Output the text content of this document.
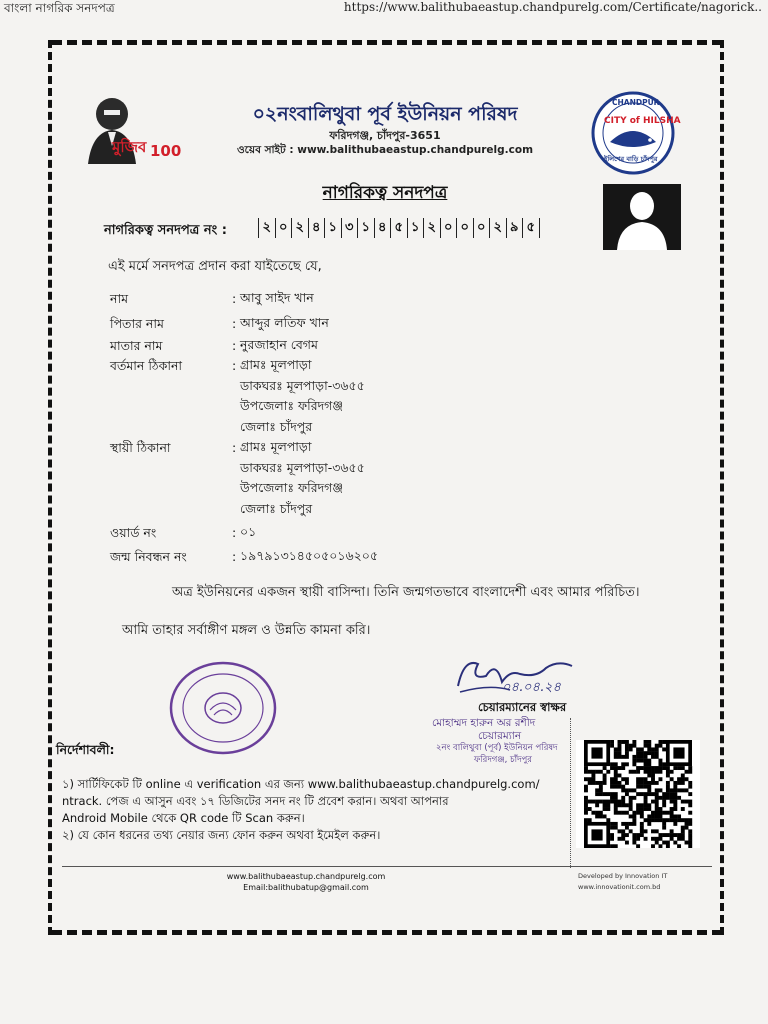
বাংলা নাগরিক সনদপত্র	https://www.balithubaeastup.chandpurelg.com/Certificate/nagorick..
মুজিব 100
০২নংবালিথুবা পূর্ব ইউনিয়ন পরিষদ
ফরিদগঞ্জ, চাঁদপুর-3651
ওয়েব সাইট : www.balithubaeastup.chandpurelg.com
CHANDPUR
CITY of HILSHA
ইলিশের বাড়ি চাঁদপুর
নাগরিকত্ব সনদপত্র
নাগরিকত্ব সনদপত্র নং :	২ ০ ২ ৪ ১ ৩ ১ ৪ ৫ ১ ২ ০ ০ ০ ২ ৯ ৫
এই মর্মে সনদপত্র প্রদান করা যাইতেছে যে,
নাম	: আবু সাইদ খান
পিতার নাম	: আব্দুর লতিফ খান
মাতার নাম	: নুরজাহান বেগম
বর্তমান ঠিকানা	: গ্রামঃ মূলপাড়া
ডাকঘরঃ মূলপাড়া-৩৬৫৫
উপজেলাঃ ফরিদগঞ্জ
জেলাঃ চাঁদপুর
স্থায়ী ঠিকানা	: গ্রামঃ মূলপাড়া
ডাকঘরঃ মূলপাড়া-৩৬৫৫
উপজেলাঃ ফরিদগঞ্জ
জেলাঃ চাঁদপুর
ওয়ার্ড নং	: ০১
জন্ম নিবন্ধন নং	: ১৯৭৯১৩১৪৫০৫০১৬২০৫
অত্র ইউনিয়নের একজন স্থায়ী বাসিন্দা। তিনি জন্মগতভাবে বাংলাদেশী এবং আমার পরিচিত।
আমি তাহার সর্বাঙ্গীণ মঙ্গল ও উন্নতি কামনা করি।
০৪.০৪.২৪
চেয়ারম্যানের স্বাক্ষর
মোহাম্মদ হারুন অর রশীদ
চেয়ারম্যান
২নং বালিথুবা (পূর্ব) ইউনিয়ন পরিষদ
ফরিদগঞ্জ, চাঁদপুর
নির্দেশাবলী:
১) সার্টিফিকেট টি online এ verification এর জন্য www.balithubaeastup.chandpurelg.com/
ntrack. পেজ এ আসুন এবং ১৭ ডিজিটের সনদ নং টি প্রবেশ করান। অথবা আপনার
Android Mobile থেকে QR code টি Scan করুন।
২) যে কোন ধরনের তথ্য নেয়ার জন্য ফোন করুন অথবা ইমেইল করুন।
www.balithubaeastup.chandpurelg.com
Email:balithubatup@gmail.com
Developed by Innovation IT
www.innovationit.com.bd
